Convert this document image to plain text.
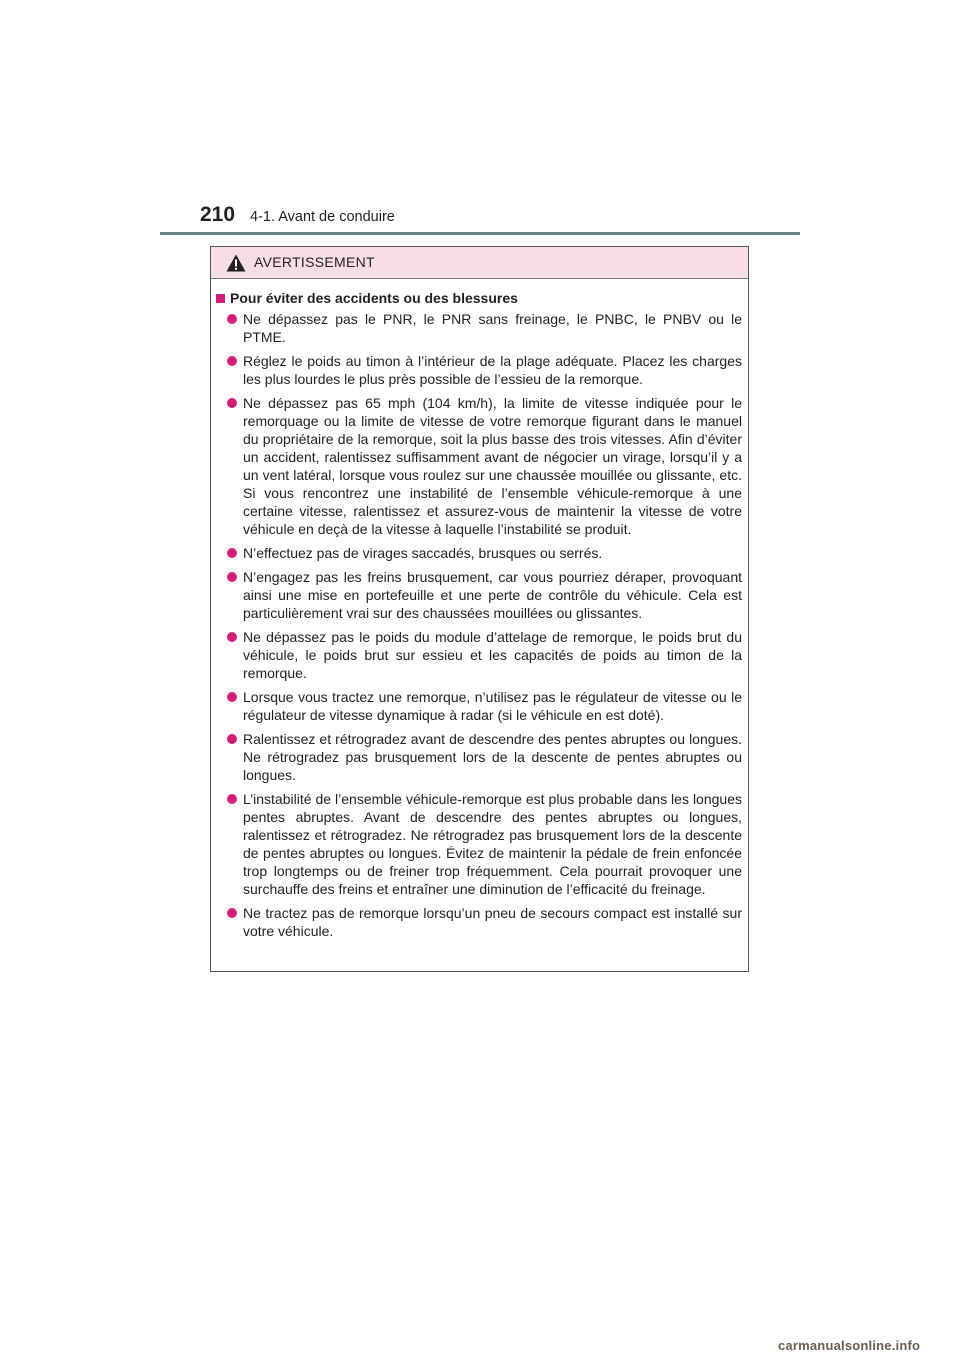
210 4-1. Avant de conduire
AVERTISSEMENT
Pour éviter des accidents ou des blessures
Ne dépassez pas le PNR, le PNR sans freinage, le PNBC, le PNBV ou le PTME.
Réglez le poids au timon à l’intérieur de la plage adéquate. Placez les charges les plus lourdes le plus près possible de l’essieu de la remorque.
Ne dépassez pas 65 mph (104 km/h), la limite de vitesse indiquée pour le remorquage ou la limite de vitesse de votre remorque figurant dans le manuel du propriétaire de la remorque, soit la plus basse des trois vitesses. Afin d’éviter un accident, ralentissez suffisamment avant de négocier un virage, lorsqu’il y a un vent latéral, lorsque vous roulez sur une chaussée mouillée ou glissante, etc. Si vous rencontrez une instabilité de l’ensemble véhicule-remorque à une certaine vitesse, ralentissez et assurez-vous de maintenir la vitesse de votre véhicule en deçà de la vitesse à laquelle l’instabilité se produit.
N’effectuez pas de virages saccadés, brusques ou serrés.
N’engagez pas les freins brusquement, car vous pourriez déraper, provoquant ainsi une mise en portefeuille et une perte de contrôle du véhicule. Cela est particulièrement vrai sur des chaussées mouillées ou glissantes.
Ne dépassez pas le poids du module d’attelage de remorque, le poids brut du véhicule, le poids brut sur essieu et les capacités de poids au timon de la remorque.
Lorsque vous tractez une remorque, n’utilisez pas le régulateur de vitesse ou le régulateur de vitesse dynamique à radar (si le véhicule en est doté).
Ralentissez et rétrogradez avant de descendre des pentes abruptes ou longues. Ne rétrogradez pas brusquement lors de la descente de pentes abruptes ou longues.
L’instabilité de l’ensemble véhicule-remorque est plus probable dans les longues pentes abruptes. Avant de descendre des pentes abruptes ou longues, ralentissez et rétrogradez. Ne rétrogradez pas brusquement lors de la descente de pentes abruptes ou longues. Évitez de maintenir la pédale de frein enfoncée trop longtemps ou de freiner trop fréquemment. Cela pourrait provoquer une surchauffe des freins et entraîner une diminution de l’efficacité du freinage.
Ne tractez pas de remorque lorsqu’un pneu de secours compact est installé sur votre véhicule.
carmanualsonline.info
